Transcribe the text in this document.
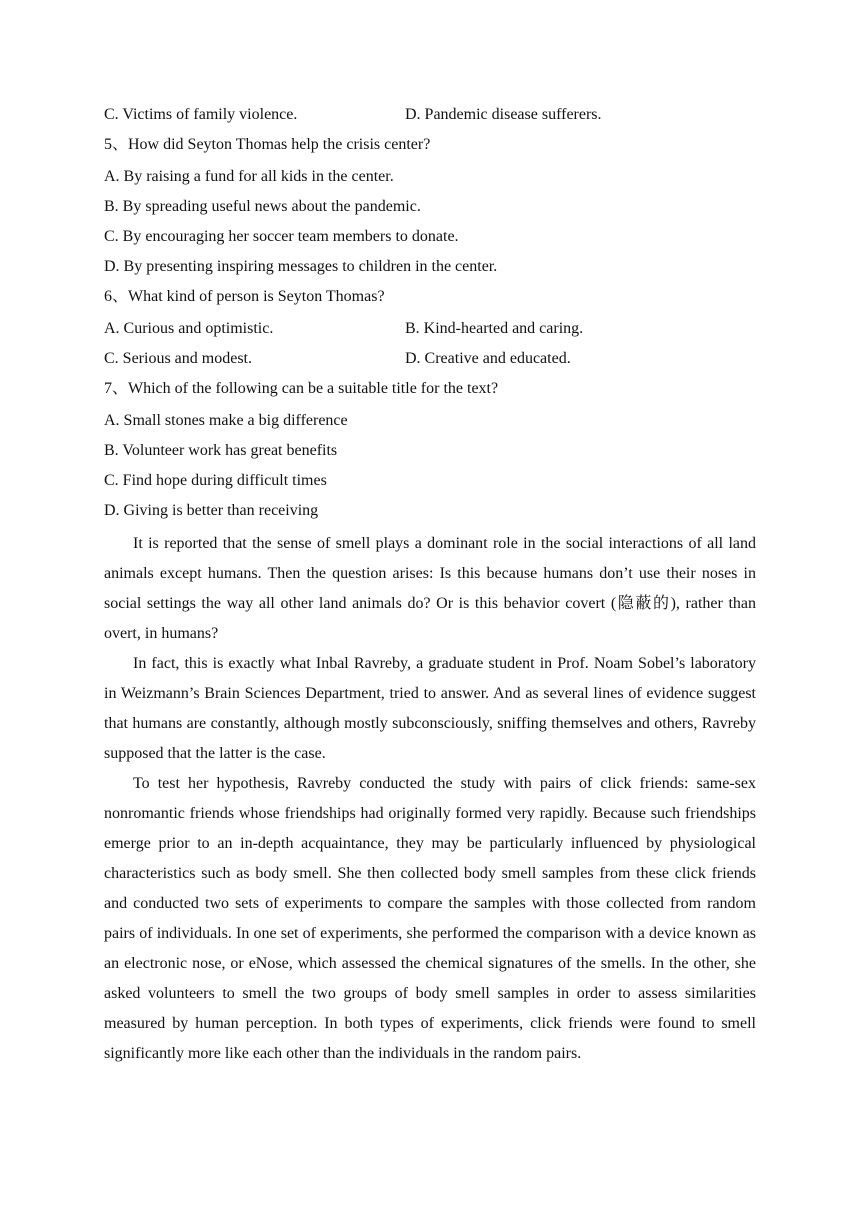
C. Victims of family violence.	D. Pandemic disease sufferers.
5、How did Seyton Thomas help the crisis center?
A. By raising a fund for all kids in the center.
B. By spreading useful news about the pandemic.
C. By encouraging her soccer team members to donate.
D. By presenting inspiring messages to children in the center.
6、What kind of person is Seyton Thomas?
A. Curious and optimistic.	B. Kind-hearted and caring.
C. Serious and modest.	D. Creative and educated.
7、Which of the following can be a suitable title for the text?
A. Small stones make a big difference
B. Volunteer work has great benefits
C. Find hope during difficult times
D. Giving is better than receiving

It is reported that the sense of smell plays a dominant role in the social interactions of all land animals except humans. Then the question arises: Is this because humans don’t use their noses in social settings the way all other land animals do? Or is this behavior covert (隐蔽的), rather than overt, in humans?

In fact, this is exactly what Inbal Ravreby, a graduate student in Prof. Noam Sobel’s laboratory in Weizmann’s Brain Sciences Department, tried to answer. And as several lines of evidence suggest that humans are constantly, although mostly subconsciously, sniffing themselves and others, Ravreby supposed that the latter is the case.

To test her hypothesis, Ravreby conducted the study with pairs of click friends: same-sex nonromantic friends whose friendships had originally formed very rapidly. Because such friendships emerge prior to an in-depth acquaintance, they may be particularly influenced by physiological characteristics such as body smell. She then collected body smell samples from these click friends and conducted two sets of experiments to compare the samples with those collected from random pairs of individuals. In one set of experiments, she performed the comparison with a device known as an electronic nose, or eNose, which assessed the chemical signatures of the smells. In the other, she asked volunteers to smell the two groups of body smell samples in order to assess similarities measured by human perception. In both types of experiments, click friends were found to smell significantly more like each other than the individuals in the random pairs.
